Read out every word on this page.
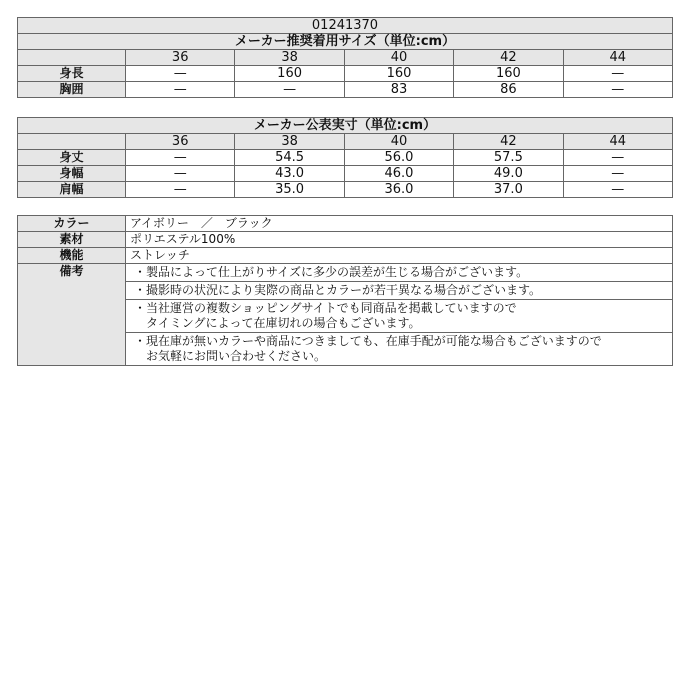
01241370					
メーカー推奨着用サイズ（単位:cm）					
	36	38	40	42	44
身長	—	160	160	160	—
胸囲	—	—	83	86	—
メーカー公表実寸（単位:cm）					
	36	38	40	42	44
身丈	—	54.5	56.0	57.5	—
身幅	—	43.0	46.0	49.0	—
肩幅	—	35.0	36.0	37.0	—
カラー	アイボリー　／　ブラック
素材	ポリエステル100%
機能	ストレッチ
備考	・製品によって仕上がりサイズに多少の誤差が生じる場合がございます。

	・撮影時の状況により実際の商品とカラーが若干異なる場合がございます。

	・当社運営の複数ショッピングサイトでも同商品を掲載していますので
タイミングによって在庫切れの場合もございます。

	・現在庫が無いカラーや商品につきましても、在庫手配が可能な場合もございますので
お気軽にお問い合わせください。
